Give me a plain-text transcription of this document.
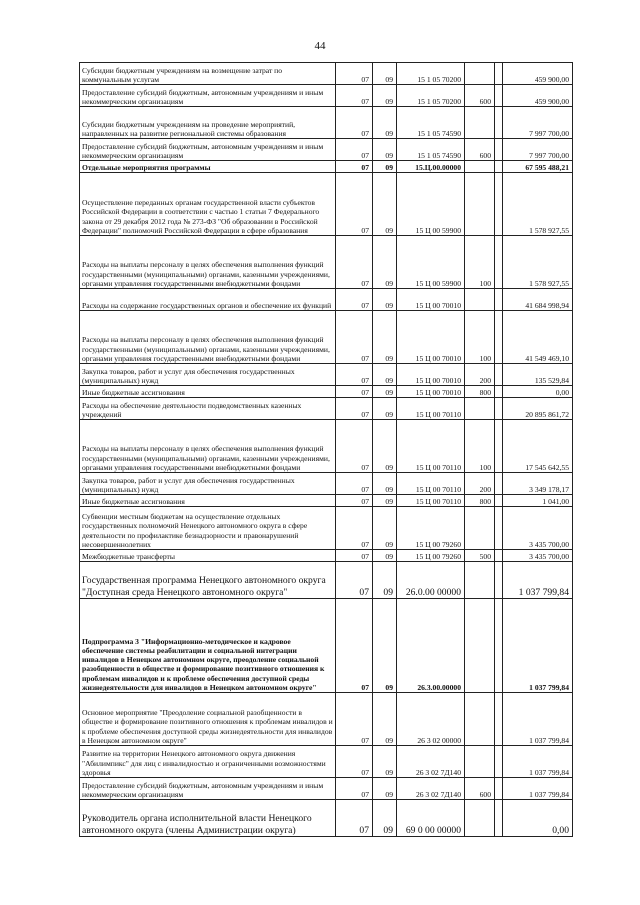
44
Субсидии бюджетным учреждениям на возмещение затрат по коммунальным услугам	07 09	15 1 05 70200	459 900,00
Предоставление субсидий бюджетным, автономным учреждениям и иным некоммерческим организациям	07 09	15 1 05 70200 600	459 900,00
Субсидии бюджетным учреждениям на проведение мероприятий, направленных на развитие региональной системы образования	07 09	15 1 05 74590	7 997 700,00
Предоставление субсидий бюджетным, автономным учреждениям и иным некоммерческим организациям	07 09	15 1 05 74590 600	7 997 700,00
Отдельные мероприятия программы	07 09	15.Ц.00.00000	67 595 488,21
Осуществление переданных органам государственной власти субъектов Российской Федерации в соответствии с частью 1 статьи 7 Федерального закона от 29 декабря 2012 года № 273-ФЗ "Об образовании в Российской Федерации" полномочий Российской Федерации в сфере образования	07 09	15 Ц 00 59900	1 578 927,55
Расходы на выплаты персоналу в целях обеспечения выполнения функций государственными (муниципальными) органами, казенными учреждениями, органами управления государственными внебюджетными фондами	07 09	15 Ц 00 59900 100	1 578 927,55
Расходы на содержание государственных органов и обеспечение их функций	07 09	15 Ц 00 70010	41 684 998,94
Расходы на выплаты персоналу в целях обеспечения выполнения функций государственными (муниципальными) органами, казенными учреждениями, органами управления государственными внебюджетными фондами	07 09	15 Ц 00 70010 100	41 549 469,10
Закупка товаров, работ и услуг для обеспечения государственных (муниципальных) нужд	07 09	15 Ц 00 70010 200	135 529,84
Иные бюджетные ассигнования	07 09	15 Ц 00 70010 800	0,00
Расходы на обеспечение деятельности подведомственных казенных учреждений	07 09	15 Ц 00 70110	20 895 861,72
Расходы на выплаты персоналу в целях обеспечения выполнения функций государственными (муниципальными) органами, казенными учреждениями, органами управления государственными внебюджетными фондами	07 09	15 Ц 00 70110 100	17 545 642,55
Закупка товаров, работ и услуг для обеспечения государственных (муниципальных) нужд	07 09	15 Ц 00 70110 200	3 349 178,17
Иные бюджетные ассигнования	07 09	15 Ц 00 70110 800	1 041,00
Субвенции местным бюджетам на осуществление отдельных государственных полномочий Ненецкого автономного округа в сфере деятельности по профилактике безнадзорности и правонарушений несовершеннолетних	07 09	15 Ц 00 79260	3 435 700,00
Межбюджетные трансферты	07 09	15 Ц 00 79260 500	3 435 700,00
Государственная программа Ненецкого автономного округа "Доступная среда Ненецкого автономного округа"	07 09 26.0.00 00000	1 037 799,84
Подпрограмма 3 "Информационно-методическое и кадровое обеспечение системы реабилитации и социальной интеграции инвалидов в Ненецком автономном округе, преодоление социальной разобщенности в обществе и формирование позитивного отношения к проблемам инвалидов и к проблеме обеспечения доступной среды жизнедеятельности для инвалидов в Ненецком автономном округе"	07 09	26.3.00.00000	1 037 799,84
Основное мероприятие "Преодоление социальной разобщенности в обществе и формирование позитивного отношения к проблемам инвалидов и к проблеме обеспечения доступной среды жизнедеятельности для инвалидов в Ненецком автономном округе"	07 09	26 3 02 00000	1 037 799,84
Развитие на территории Ненецкого автономного округа движения "Абилимпикс" для лиц с инвалидностью и ограниченными возможностями здоровья	07 09	26 3 02 7Д140	1 037 799,84
Предоставление субсидий бюджетным, автономным учреждениям и иным некоммерческим организациям	07 09	26 3 02 7Д140 600	1 037 799,84
Руководитель органа исполнительной власти Ненецкого автономного округа (члены Администрации округа)	07 09 69 0 00 00000	0,00
